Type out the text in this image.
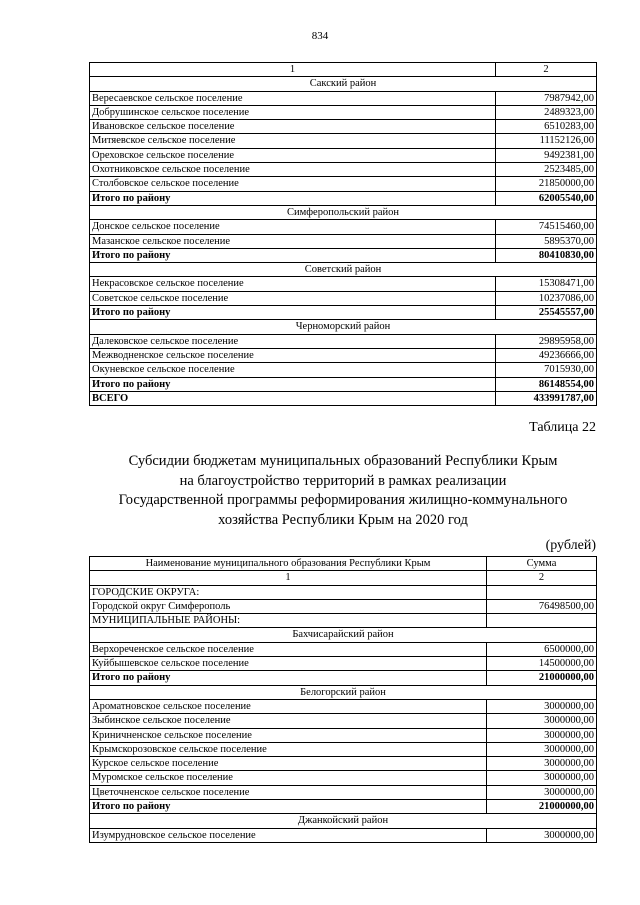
834
1	2
Сакский район	
Вересаевское сельское поселение	7987942,00
Добрушинское сельское поселение	2489323,00
Ивановское сельское поселение	6510283,00
Митяевское сельское поселение	11152126,00
Ореховское сельское поселение	9492381,00
Охотниковское сельское поселение	2523485,00
Столбовское сельское поселение	21850000,00
Итого по району	62005540,00
Симферопольский район	
Донское сельское поселение	74515460,00
Мазанское сельское поселение	5895370,00
Итого по району	80410830,00
Советский район	
Некрасовское сельское поселение	15308471,00
Советское сельское поселение	10237086,00
Итого по району	25545557,00
Черноморский район	
Далековское сельское поселение	29895958,00
Межводненское сельское поселение	49236666,00
Окуневское сельское поселение	7015930,00
Итого по району	86148554,00
ВСЕГО	433991787,00
Таблица 22
Субсидии бюджетам муниципальных образований Республики Крым
на благоустройство территорий в рамках реализации
Государственной программы реформирования жилищно-коммунального
хозяйства Республики Крым на 2020 год
(рублей)
Наименование муниципального образования Республики Крым	Сумма
1	2
ГОРОДСКИЕ ОКРУГА:	
Городской округ Симферополь	76498500,00
МУНИЦИПАЛЬНЫЕ РАЙОНЫ:	
Бахчисарайский район	
Верхореченское сельское поселение	6500000,00
Куйбышевское сельское поселение	14500000,00
Итого по району	21000000,00
Белогорский район	
Ароматновское сельское поселение	3000000,00
Зыбинское сельское поселение	3000000,00
Криничненское сельское поселение	3000000,00
Крымскорозовское сельское поселение	3000000,00
Курское сельское поселение	3000000,00
Муромское сельское поселение	3000000,00
Цветочненское сельское поселение	3000000,00
Итого по району	21000000,00
Джанкойский район	
Изумрудновское сельское поселение	3000000,00
